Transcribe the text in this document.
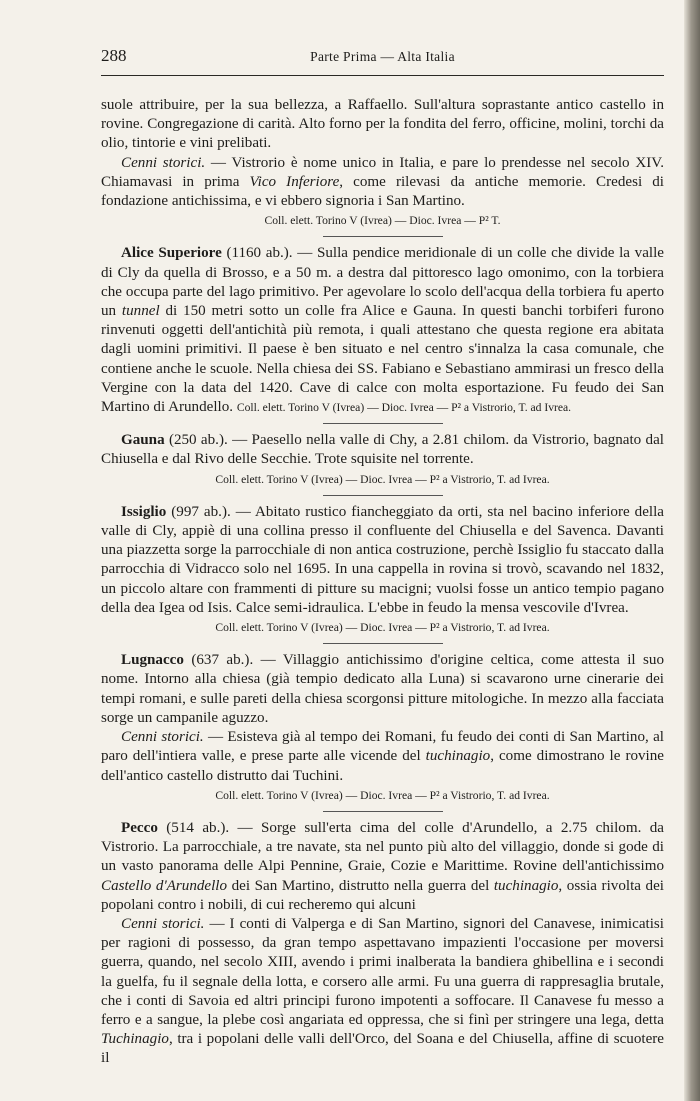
288	Parte Prima — Alta Italia

suole attribuire, per la sua bellezza, a Raffaello. Sull'altura soprastante antico castello in rovine. Congregazione di carità. Alto forno per la fondita del ferro, officine, molini, torchi da olio, tintorie e vini prelibati.

Cenni storici. — Vistrorio è nome unico in Italia, e pare lo prendesse nel secolo XIV. Chiamavasi in prima Vico Inferiore, come rilevasi da antiche memorie. Credesi di fondazione antichissima, e vi ebbero signoria i San Martino.

Coll. elett. Torino V (Ivrea) — Dioc. Ivrea — P² T.

Alice Superiore (1160 ab.). — Sulla pendice meridionale di un colle che divide la valle di Cly da quella di Brosso, e a 50 m. a destra dal pittoresco lago omonimo, con la torbiera che occupa parte del lago primitivo. Per agevolare lo scolo dell'acqua della torbiera fu aperto un tunnel di 150 metri sotto un colle fra Alice e Gauna. In questi banchi torbiferi furono rinvenuti oggetti dell'antichità più remota, i quali attestano che questa regione era abitata dagli uomini primitivi. Il paese è ben situato e nel centro s'innalza la casa comunale, che contiene anche le scuole. Nella chiesa dei SS. Fabiano e Sebastiano ammirasi un fresco della Vergine con la data del 1420. Cave di calce con molta esportazione. Fu feudo dei San Martino di Arundello. Coll. elett. Torino V (Ivrea) — Dioc. Ivrea — P² a Vistrorio, T. ad Ivrea.

Gauna (250 ab.). — Paesello nella valle di Chy, a 2.81 chilom. da Vistrorio, bagnato dal Chiusella e dal Rivo delle Secchie. Trote squisite nel torrente.

Coll. elett. Torino V (Ivrea) — Dioc. Ivrea — P² a Vistrorio, T. ad Ivrea.

Issiglio (997 ab.). — Abitato rustico fiancheggiato da orti, sta nel bacino inferiore della valle di Cly, appiè di una collina presso il confluente del Chiusella e del Savenca. Davanti una piazzetta sorge la parrocchiale di non antica costruzione, perchè Issiglio fu staccato dalla parrocchia di Vidracco solo nel 1695. In una cappella in rovina si trovò, scavando nel 1832, un piccolo altare con frammenti di pitture su macigni; vuolsi fosse un antico tempio pagano della dea Igea od Isis. Calce semi-idraulica. L'ebbe in feudo la mensa vescovile d'Ivrea.

Coll. elett. Torino V (Ivrea) — Dioc. Ivrea — P² a Vistrorio, T. ad Ivrea.

Lugnacco (637 ab.). — Villaggio antichissimo d'origine celtica, come attesta il suo nome. Intorno alla chiesa (già tempio dedicato alla Luna) si scavarono urne cinerarie dei tempi romani, e sulle pareti della chiesa scorgonsi pitture mitologiche. In mezzo alla facciata sorge un campanile aguzzo.

Cenni storici. — Esisteva già al tempo dei Romani, fu feudo dei conti di San Martino, al paro dell'intiera valle, e prese parte alle vicende del tuchinagio, come dimostrano le rovine dell'antico castello distrutto dai Tuchini.

Coll. elett. Torino V (Ivrea) — Dioc. Ivrea — P² a Vistrorio, T. ad Ivrea.

Pecco (514 ab.). — Sorge sull'erta cima del colle d'Arundello, a 2.75 chilom. da Vistrorio. La parrocchiale, a tre navate, sta nel punto più alto del villaggio, donde si gode di un vasto panorama delle Alpi Pennine, Graie, Cozie e Marittime. Rovine dell'antichissimo Castello d'Arundello dei San Martino, distrutto nella guerra del tuchinagio, ossia rivolta dei popolani contro i nobili, di cui recheremo qui alcuni

Cenni storici. — I conti di Valperga e di San Martino, signori del Canavese, inimicatisi per ragioni di possesso, da gran tempo aspettavano impazienti l'occasione per moversi guerra, quando, nel secolo XIII, avendo i primi inalberata la bandiera ghibellina e i secondi la guelfa, fu il segnale della lotta, e corsero alle armi. Fu una guerra di rappresaglia brutale, che i conti di Savoia ed altri principi furono impotenti a soffocare. Il Canavese fu messo a ferro e a sangue, la plebe così angariata ed oppressa, che si finì per stringere una lega, detta Tuchinagio, tra i popolani delle valli dell'Orco, del Soana e del Chiusella, affine di scuotere il
